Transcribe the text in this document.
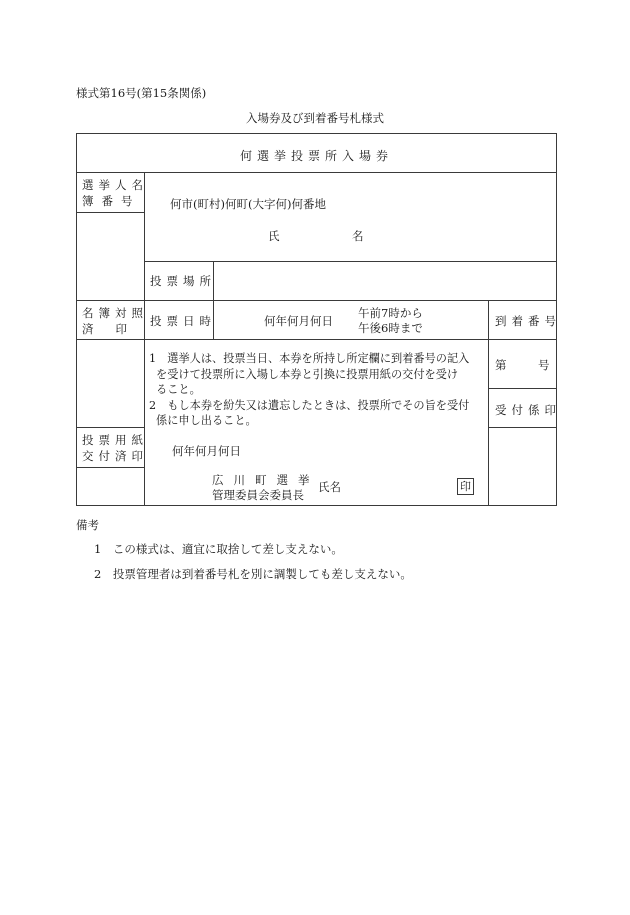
様式第16号(第15条関係)
入場券及び到着番号札様式
何選挙投票所入場券
選挙人名
簿番号	何市(町村)何町(大字何)何番地
氏	名
投票場所
名簿対照
済印
投票日時	何年何月何日
午前7時から
午後6時まで	到着番号
1　選挙人は、投票当日、本券を所持し所定欄に到着番号の記入
を受けて投票所に入場し本券と引換に投票用紙の交付を受け
ること。
2　もし本券を紛失又は遺忘したときは、投票所でその旨を受付
係に申し出ること。
第	号
受付係印
投票用紙
交付済印 何年何月何日
広川町選挙
管理委員会委員長
氏名	印
備考
1　この様式は、適宜に取捨して差し支えない。
2　投票管理者は到着番号札を別に調製しても差し支えない。
